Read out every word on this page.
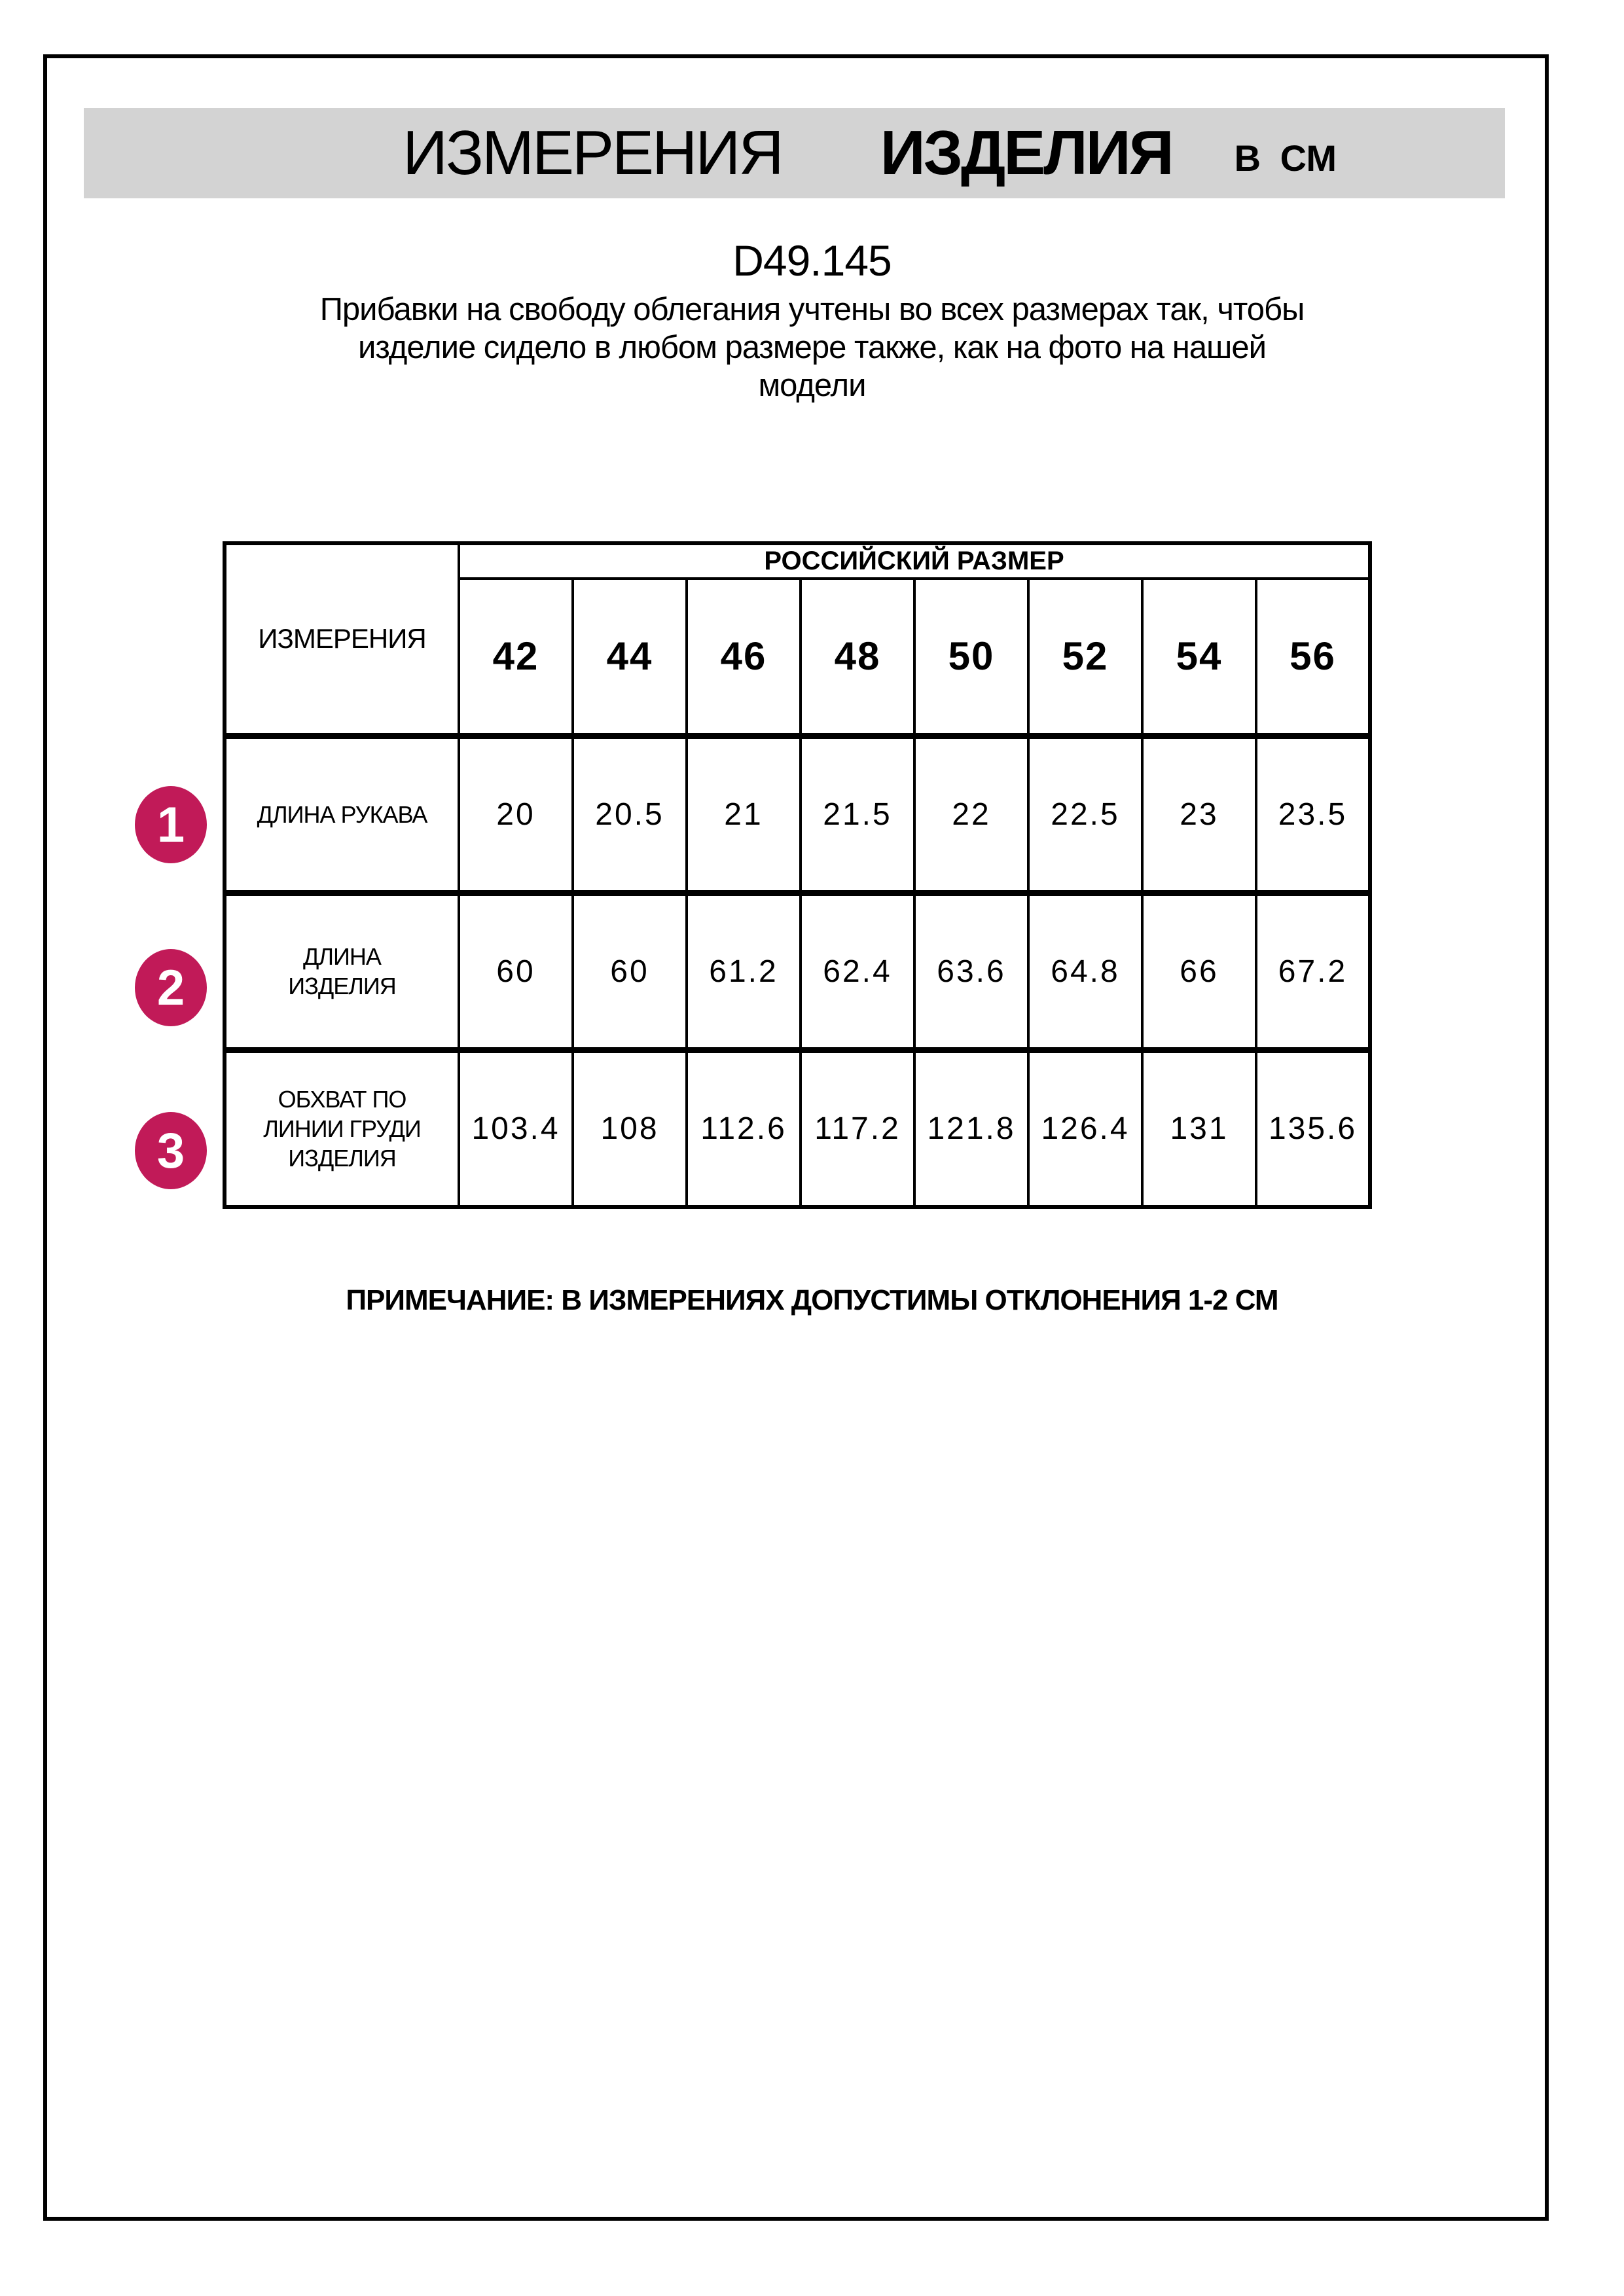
ИЗМЕРЕНИЯ ИЗДЕЛИЯ В СМ
D49.145
Прибавки на свободу облегания учтены во всех размерах так, чтобы
изделие сидело в любом размере также, как на фото на нашей
модели
ИЗМЕРЕНИЯ	РОССИЙСКИЙ РАЗМЕР							
	42	44	46	48	50	52	54	56

ДЛИНА РУКАВА	20	20.5	21	21.5	22	22.5	23	23.5

ДЛИНА
ИЗДЕЛИЯ	60	60	61.2	62.4	63.6	64.8	66	67.2

ОБХВАТ ПО
ЛИНИИ ГРУДИ
ИЗДЕЛИЯ	103.4	108	112.6	117.2	121.8	126.4	131	135.6
1
2
3
ПРИМЕЧАНИЕ: В ИЗМЕРЕНИЯХ ДОПУСТИМЫ ОТКЛОНЕНИЯ 1-2 СМ
